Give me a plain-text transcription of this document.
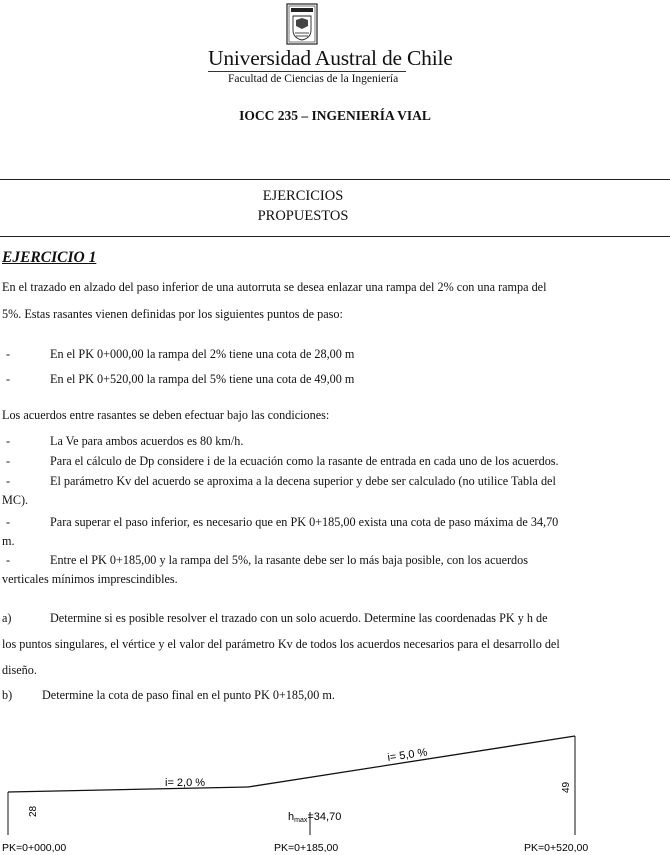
Universidad Austral de Chile
Facultad de Ciencias de la Ingeniería
IOCC 235 – INGENIERÍA VIAL
EJERCICIOS
PROPUESTOS
EJERCICIO 1
En el trazado en alzado del paso inferior de una autorruta se desea enlazar una rampa del 2% con una rampa del
5%. Estas rasantes vienen definidas por los siguientes puntos de paso:
-	En el PK 0+000,00 la rampa del 2% tiene una cota de 28,00 m
-	En el PK 0+520,00 la rampa del 5% tiene una cota de 49,00 m
Los acuerdos entre rasantes se deben efectuar bajo las condiciones:
-	La Ve para ambos acuerdos es 80 km/h.
-	Para el cálculo de Dp considere i de la ecuación como la rasante de entrada en cada uno de los acuerdos.
-	El parámetro Kv del acuerdo se aproxima a la decena superior y debe ser calculado (no utilice Tabla del
MC).
-	Para superar el paso inferior, es necesario que en PK 0+185,00 exista una cota de paso máxima de 34,70
m.
-	Entre el PK 0+185,00 y la rampa del 5%, la rasante debe ser lo más baja posible, con los acuerdos
verticales mínimos imprescindibles.
a)	Determine si es posible resolver el trazado con un solo acuerdo. Determine las coordenadas PK y h de
los puntos singulares, el vértice y el valor del parámetro Kv de todos los acuerdos necesarios para el desarrollo del
diseño.
b) Determine la cota de paso final en el punto PK 0+185,00 m.
i= 2,0 %
i= 5,0 %
28
49
hmax=34,70
PK=0+000,00	PK=0+185,00	PK=0+520,00
